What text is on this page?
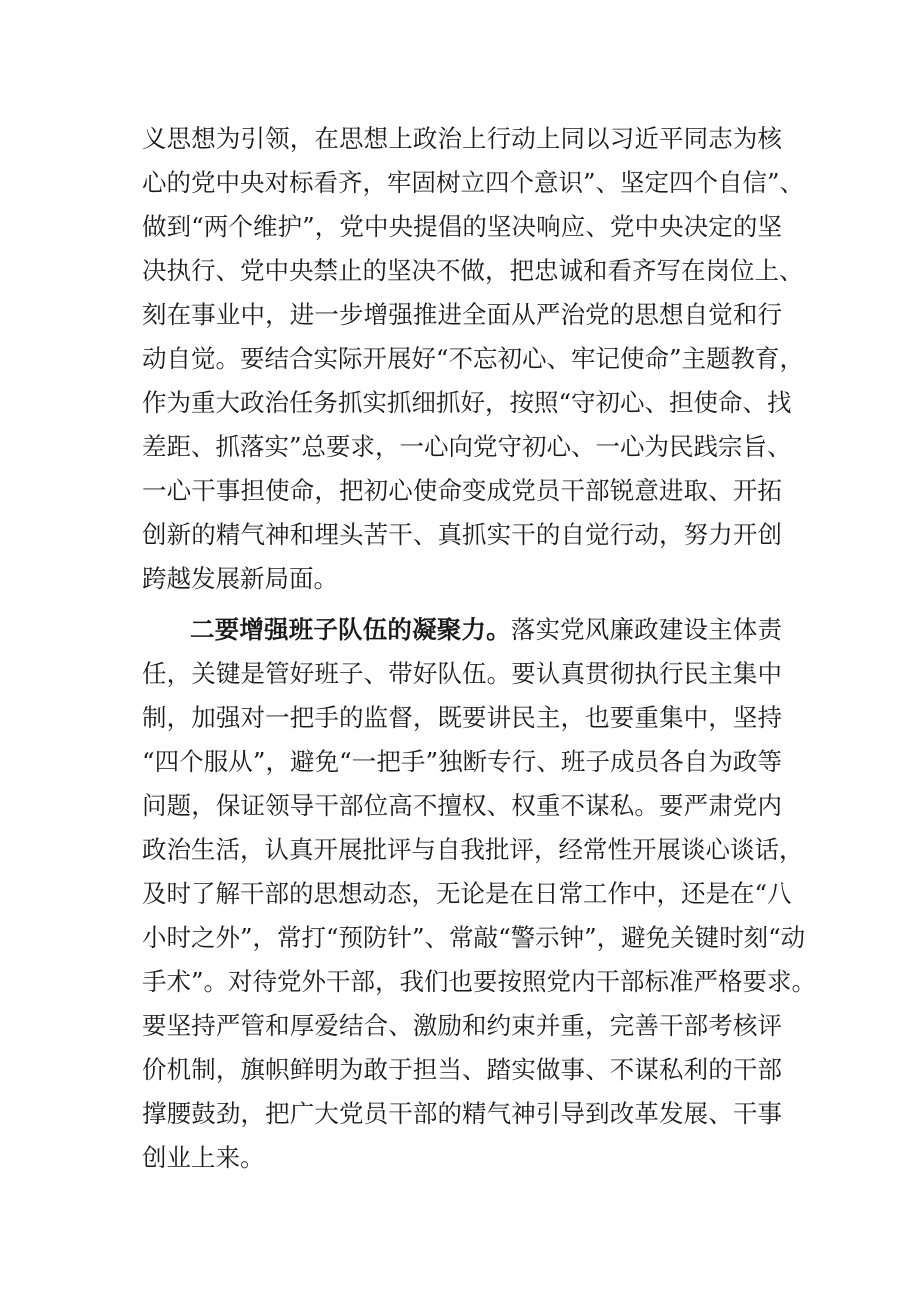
义思想为引领，在思想上政治上行动上同以习近平同志为核
心的党中央对标看齐，牢固树立四个意识”、坚定四个自信”、
做到“两个维护”，党中央提倡的坚决响应、党中央决定的坚
决执行、党中央禁止的坚决不做，把忠诚和看齐写在岗位上、
刻在事业中，进一步增强推进全面从严治党的思想自觉和行
动自觉。要结合实际开展好“不忘初心、牢记使命”主题教育，
作为重大政治任务抓实抓细抓好，按照“守初心、担使命、找
差距、抓落实”总要求，一心向党守初心、一心为民践宗旨、
一心干事担使命，把初心使命变成党员干部锐意进取、开拓
创新的精气神和埋头苦干、真抓实干的自觉行动，努力开创
跨越发展新局面。
二要增强班子队伍的凝聚力。落实党风廉政建设主体责
任，关键是管好班子、带好队伍。要认真贯彻执行民主集中
制，加强对一把手的监督，既要讲民主，也要重集中，坚持
“四个服从”，避免“一把手”独断专行、班子成员各自为政等
问题，保证领导干部位高不擅权、权重不谋私。要严肃党内
政治生活，认真开展批评与自我批评，经常性开展谈心谈话，
及时了解干部的思想动态，无论是在日常工作中，还是在“八
小时之外”，常打“预防针”、常敲“警示钟”，避免关键时刻“动
手术”。对待党外干部，我们也要按照党内干部标准严格要求。
要坚持严管和厚爱结合、激励和约束并重，完善干部考核评
价机制，旗帜鲜明为敢于担当、踏实做事、不谋私利的干部
撑腰鼓劲，把广大党员干部的精气神引导到改革发展、干事
创业上来。
